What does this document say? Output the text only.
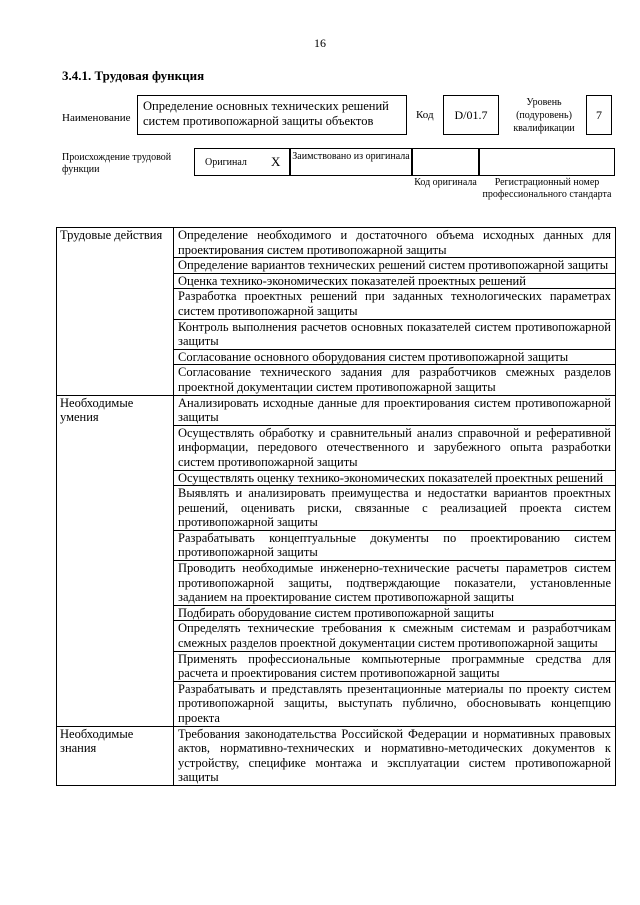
16
3.4.1. Трудовая функция
Наименование
Определение основных технических решений систем противопожарной защиты объектов	Код D/01.7
Уровень (подуровень) квалификации
7
Происхождение трудовой функции
Оригинал X Заимствовано из оригинала
Код оригинала	Регистрационный номер профессионального стандарта
Трудовые действия	Определение необходимого и достаточного объема исходных данных для проектирования систем противопожарной защиты
	Определение вариантов технических решений систем противопожарной защиты
	Оценка технико-экономических показателей проектных решений
	Разработка проектных решений при заданных технологических параметрах систем противопожарной защиты
	Контроль выполнения расчетов основных показателей систем противопожарной защиты
	Согласование основного оборудования систем противопожарной защиты
	Согласование технического задания для разработчиков смежных разделов проектной документации систем противопожарной защиты
Необходимые умения	Анализировать исходные данные для проектирования систем противопожарной защиты
	Осуществлять обработку и сравнительный анализ справочной и реферативной информации, передового отечественного и зарубежного опыта разработки систем противопожарной защиты
	Осуществлять оценку технико-экономических показателей проектных решений
	Выявлять и анализировать преимущества и недостатки вариантов проектных решений, оценивать риски, связанные с реализацией проекта систем противопожарной защиты
	Разрабатывать концептуальные документы по проектированию систем противопожарной защиты
	Проводить необходимые инженерно-технические расчеты параметров систем противопожарной защиты, подтверждающие показатели, установленные заданием на проектирование систем противопожарной защиты
	Подбирать оборудование систем противопожарной защиты
	Определять технические требования к смежным системам и разработчикам смежных разделов проектной документации систем противопожарной защиты
	Применять профессиональные компьютерные программные средства для расчета и проектирования систем противопожарной защиты
	Разрабатывать и представлять презентационные материалы по проекту систем противопожарной защиты, выступать публично, обосновывать концепцию проекта
Необходимые знания	Требования законодательства Российской Федерации и нормативных правовых актов, нормативно-технических и нормативно-методических документов к устройству, специфике монтажа и эксплуатации систем противопожарной защиты
